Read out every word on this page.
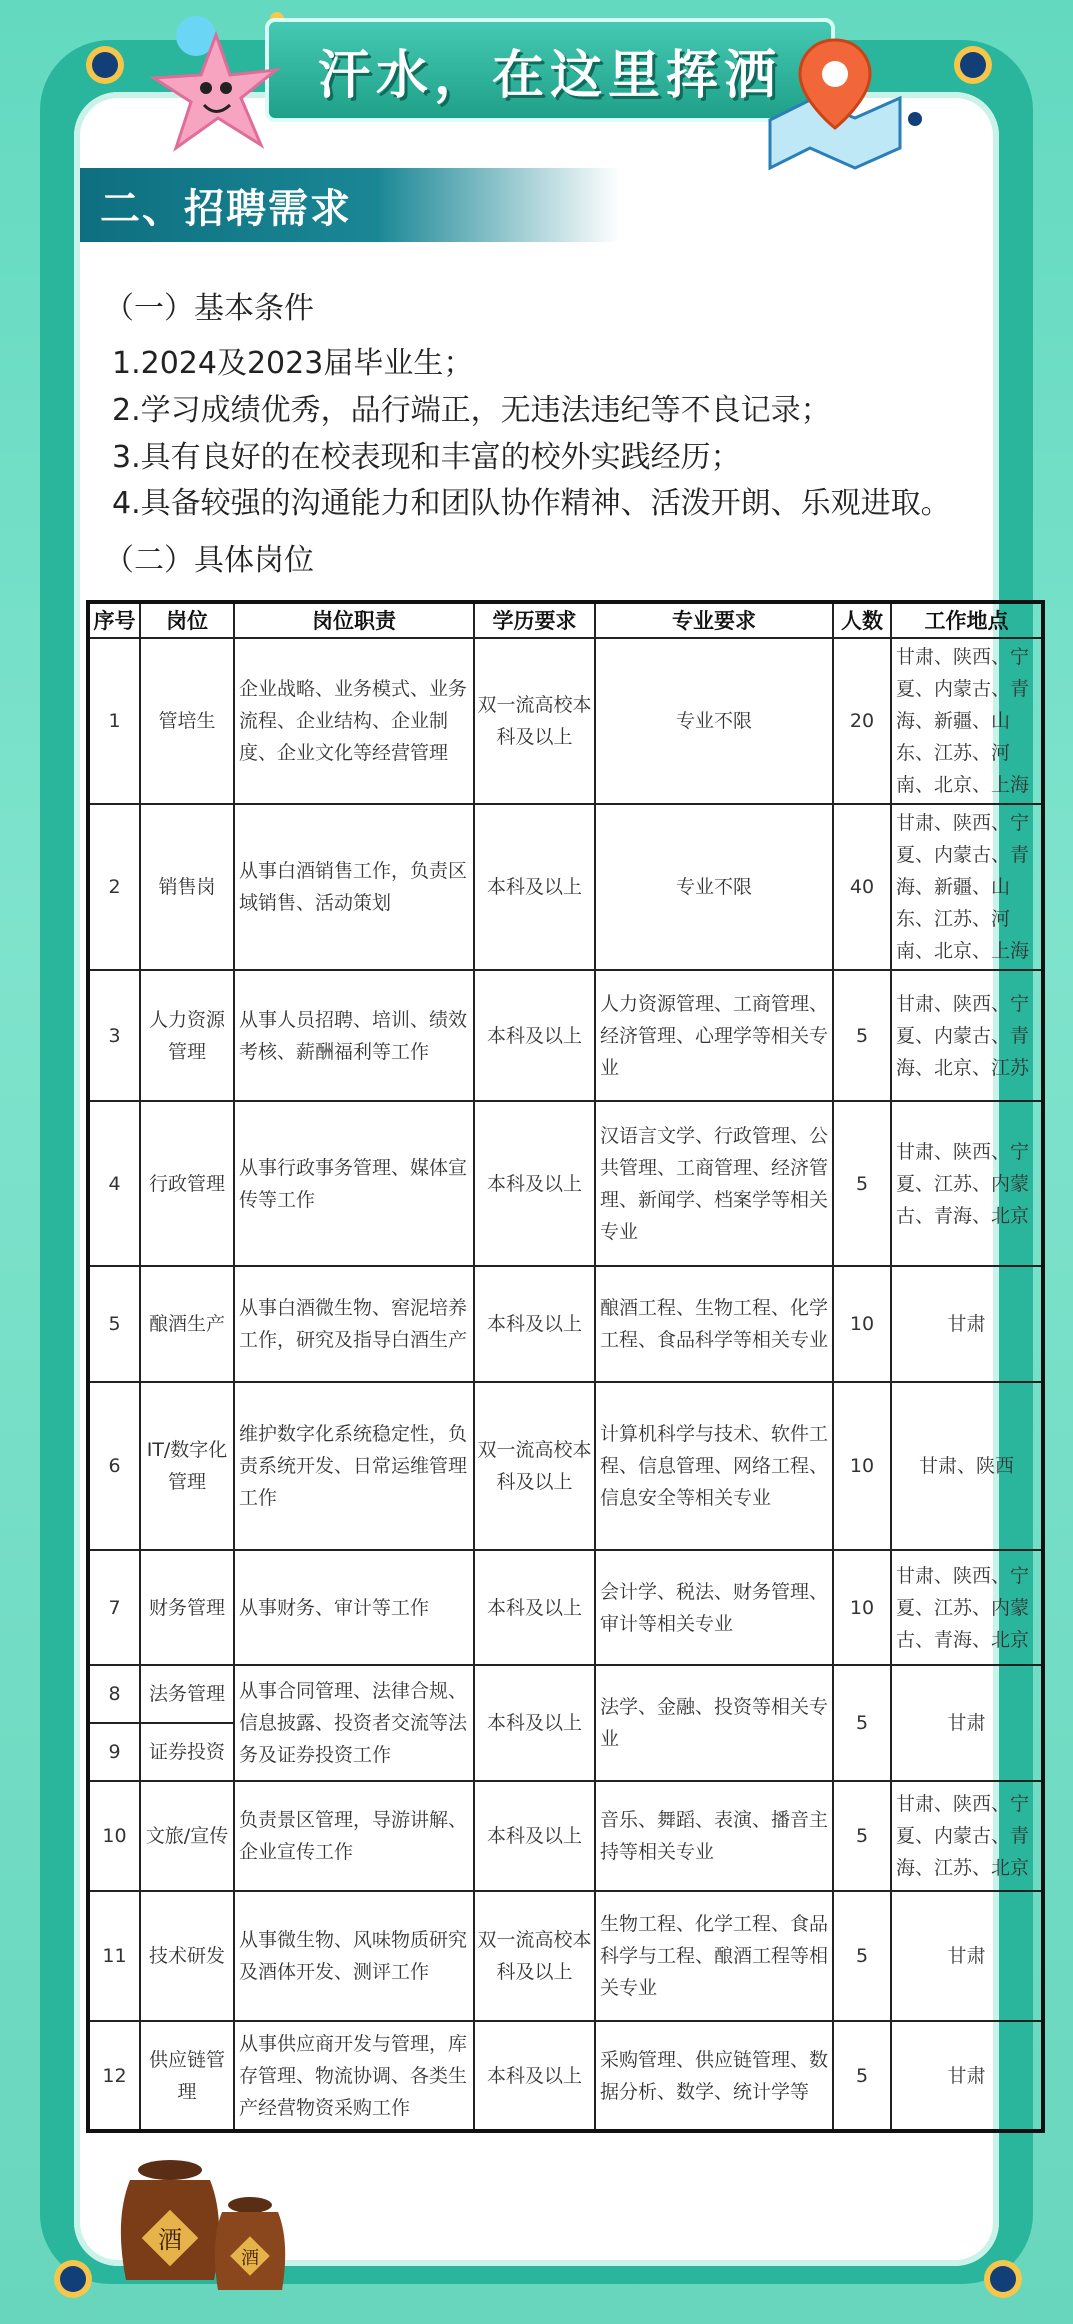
汗水，在这里挥洒
二、招聘需求
（一）基本条件
1.2024及2023届毕业生；
2.学习成绩优秀，品行端正，无违法违纪等不良记录；
3.具有良好的在校表现和丰富的校外实践经历；
4.具备较强的沟通能力和团队协作精神、活泼开朗、乐观进取。
（二）具体岗位
序号	岗位	岗位职责	学历要求	专业要求	人数	工作地点
1	管培生	企业战略、业务模式、业务流程、企业结构、企业制度、企业文化等经营管理	双一流高校本科及以上	专业不限	20	甘肃、陕西、宁夏、内蒙古、青海、新疆、山东、江苏、河南、北京、上海
2	销售岗	从事白酒销售工作，负责区域销售、活动策划	本科及以上	专业不限	40	甘肃、陕西、宁夏、内蒙古、青海、新疆、山东、江苏、河南、北京、上海
3	人力资源管理	从事人员招聘、培训、绩效考核、薪酬福利等工作	本科及以上	人力资源管理、工商管理、经济管理、心理学等相关专业	5	甘肃、陕西、宁夏、内蒙古、青海、北京、江苏
4	行政管理	从事行政事务管理、媒体宣传等工作	本科及以上	汉语言文学、行政管理、公共管理、工商管理、经济管理、新闻学、档案学等相关专业	5	甘肃、陕西、宁夏、江苏、内蒙古、青海、北京
5	酿酒生产	从事白酒微生物、窖泥培养工作，研究及指导白酒生产	本科及以上	酿酒工程、生物工程、化学工程、食品科学等相关专业	10	甘肃
6	IT/数字化管理	维护数字化系统稳定性，负责系统开发、日常运维管理工作	双一流高校本科及以上	计算机科学与技术、软件工程、信息管理、网络工程、信息安全等相关专业	10	甘肃、陕西
7	财务管理	从事财务、审计等工作	本科及以上	会计学、税法、财务管理、审计等相关专业	10	甘肃、陕西、宁夏、江苏、内蒙古、青海、北京
8	法务管理	从事合同管理、法律合规、信息披露、投资者交流等法务及证券投资工作	本科及以上	法学、金融、投资等相关专业	5	甘肃
9	证券投资					
10	文旅/宣传	负责景区管理，导游讲解、企业宣传工作	本科及以上	音乐、舞蹈、表演、播音主持等相关专业	5	甘肃、陕西、宁夏、内蒙古、青海、江苏、北京
11	技术研发	从事微生物、风味物质研究及酒体开发、测评工作	双一流高校本科及以上	生物工程、化学工程、食品科学与工程、酿酒工程等相关专业	5	甘肃
12	供应链管理	从事供应商开发与管理，库存管理、物流协调、各类生产经营物资采购工作	本科及以上	采购管理、供应链管理、数据分析、数学、统计学等	5	甘肃
酒
酒
